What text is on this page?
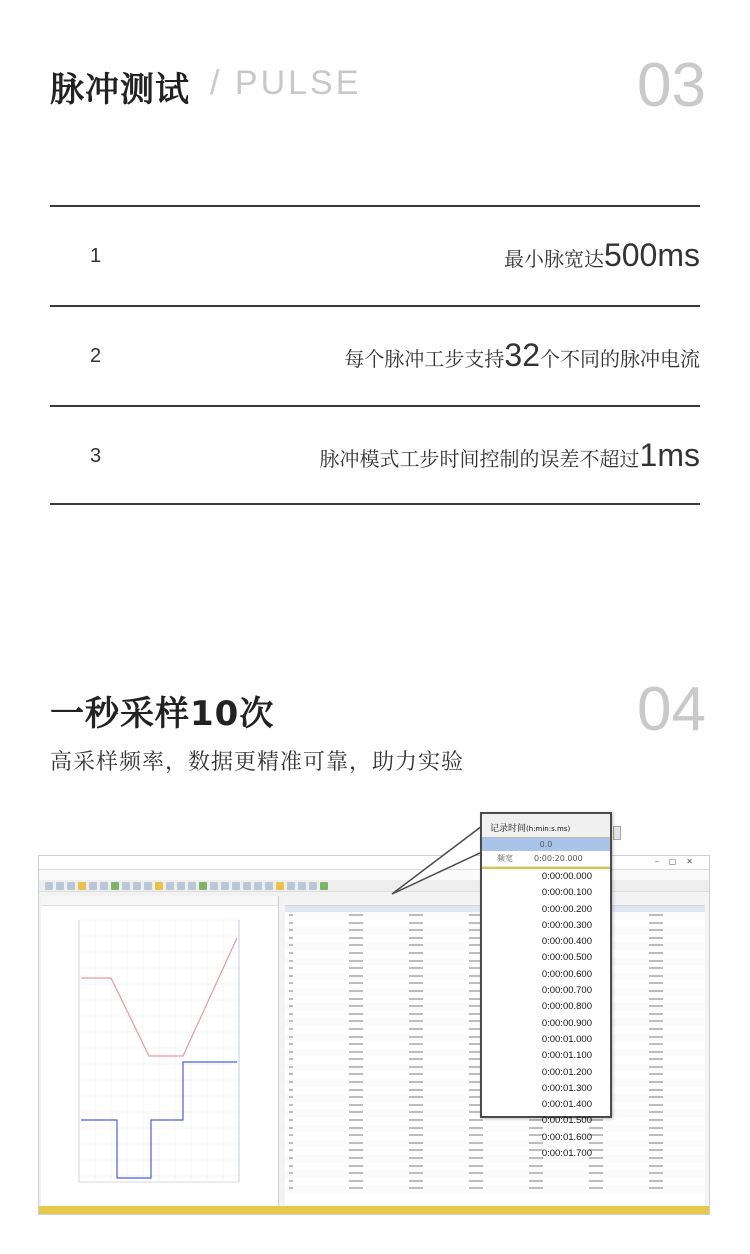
脉冲测试 / PULSE	03
1	最小脉宽达500ms
2	每个脉冲工步支持32个不同的脉冲电流
3	脉冲模式工步时间控制的误差不超过1ms
一秒采样10次	04
高采样频率，数据更精准可靠，助力实验
–▢✕
记录时间(h:min:s.ms)
0.0
频宽	0:00:20.000
0:00:00.000
0:00:00.100
0:00:00.200
0:00:00.300
0:00:00.400
0:00:00.500
0:00:00.600
0:00:00.700
0:00:00.800
0:00:00.900
0:00:01.000
0:00:01.100
0:00:01.200
0:00:01.300
0:00:01.400
0:00:01.500
0:00:01.600
0:00:01.700
